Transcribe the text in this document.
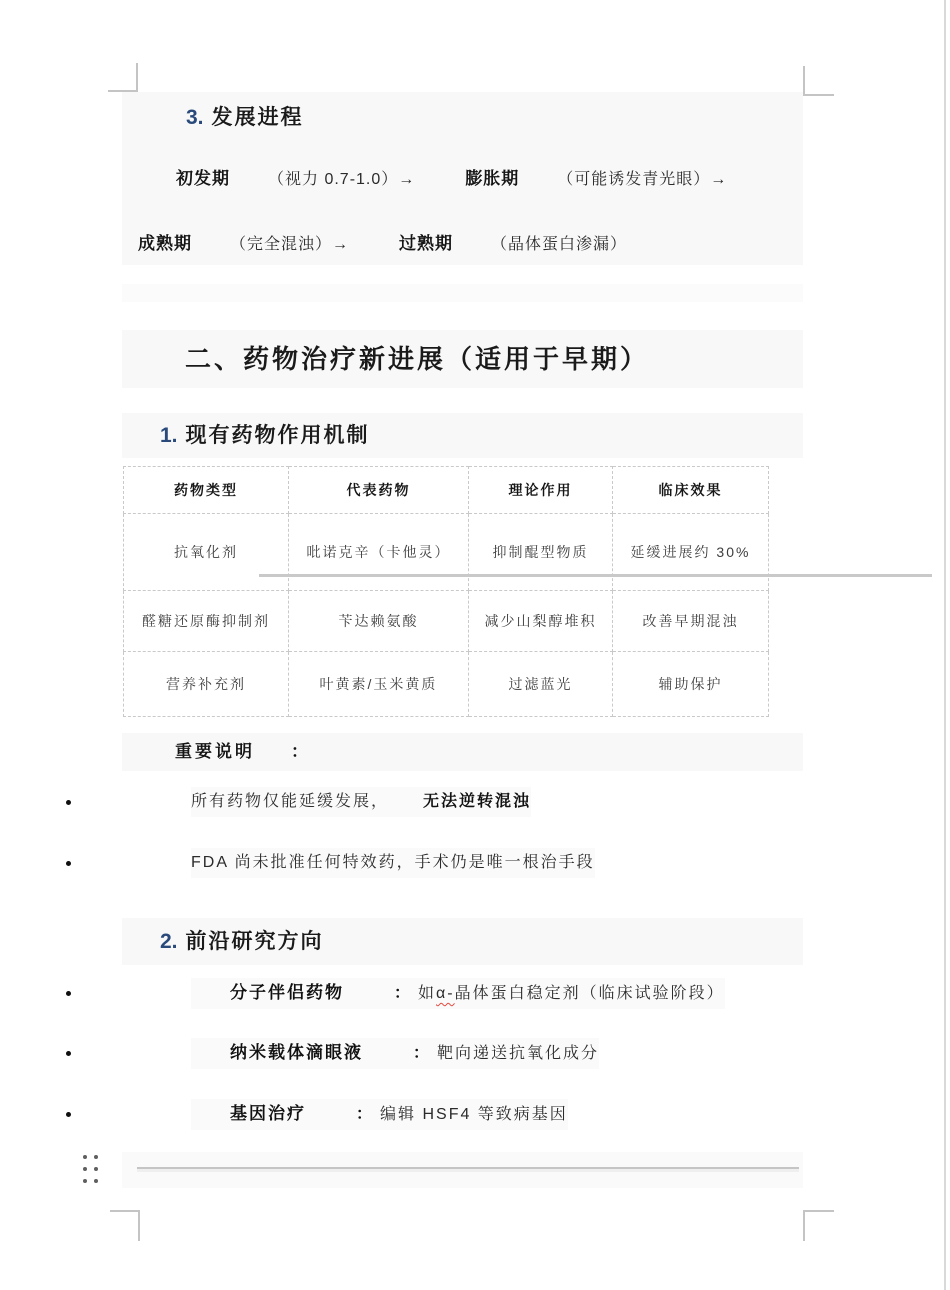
3. 发展进程
初发期 （视力 0.7-1.0）→	膨胀期 （可能诱发青光眼）→
成熟期 （完全混浊）→	过熟期 （晶体蛋白渗漏）
二、药物治疗新进展（适用于早期）
1. 现有药物作用机制
药物类型	代表药物	理论作用	临床效果
抗氧化剂	吡诺克辛（卡他灵）	抑制醌型物质	延缓进展约 30%
醛糖还原酶抑制剂	苄达赖氨酸	减少山梨醇堆积	改善早期混浊
营养补充剂	叶黄素/玉米黄质	过滤蓝光	辅助保护
重要说明 ：
所有药物仅能延缓发展， 无法逆转混浊
FDA 尚未批准任何特效药，手术仍是唯一根治手段
2. 前沿研究方向
分子伴侣药物	： 如α-晶体蛋白稳定剂（临床试验阶段）
纳米载体滴眼液	： 靶向递送抗氧化成分
基因治疗	： 编辑 HSF4 等致病基因
